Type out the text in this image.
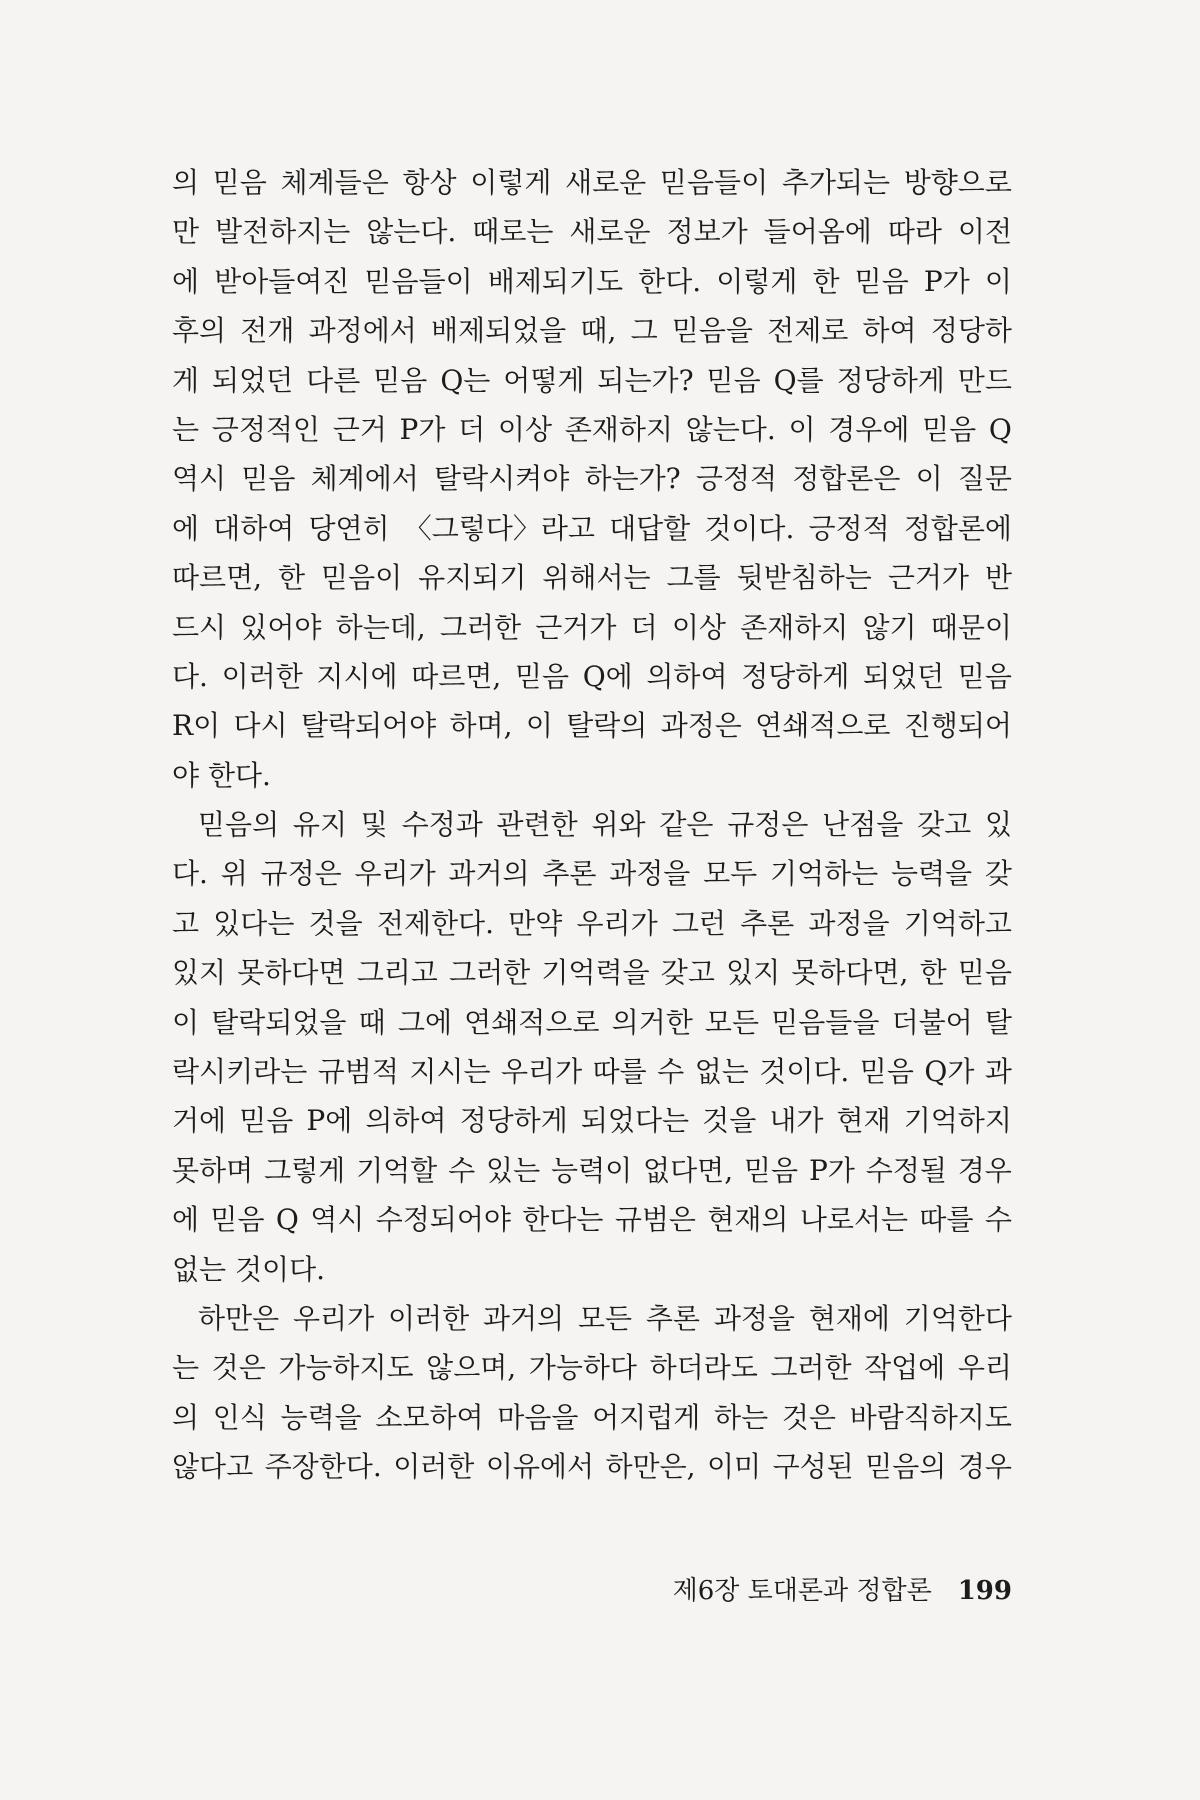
의 믿음 체계들은 항상 이렇게 새로운 믿음들이 추가되는 방향으로
만 발전하지는 않는다. 때로는 새로운 정보가 들어옴에 따라 이전
에 받아들여진 믿음들이 배제되기도 한다. 이렇게 한 믿음 P가 이
후의 전개 과정에서 배제되었을 때, 그 믿음을 전제로 하여 정당하
게 되었던 다른 믿음 Q는 어떻게 되는가? 믿음 Q를 정당하게 만드
는 긍정적인 근거 P가 더 이상 존재하지 않는다. 이 경우에 믿음 Q
역시 믿음 체계에서 탈락시켜야 하는가? 긍정적 정합론은 이 질문
에 대하여 당연히 〈그렇다〉라고 대답할 것이다. 긍정적 정합론에
따르면, 한 믿음이 유지되기 위해서는 그를 뒷받침하는 근거가 반
드시 있어야 하는데, 그러한 근거가 더 이상 존재하지 않기 때문이
다. 이러한 지시에 따르면, 믿음 Q에 의하여 정당하게 되었던 믿음
R이 다시 탈락되어야 하며, 이 탈락의 과정은 연쇄적으로 진행되어
야 한다.
믿음의 유지 및 수정과 관련한 위와 같은 규정은 난점을 갖고 있
다. 위 규정은 우리가 과거의 추론 과정을 모두 기억하는 능력을 갖
고 있다는 것을 전제한다. 만약 우리가 그런 추론 과정을 기억하고
있지 못하다면 그리고 그러한 기억력을 갖고 있지 못하다면, 한 믿음
이 탈락되었을 때 그에 연쇄적으로 의거한 모든 믿음들을 더불어 탈
락시키라는 규범적 지시는 우리가 따를 수 없는 것이다. 믿음 Q가 과
거에 믿음 P에 의하여 정당하게 되었다는 것을 내가 현재 기억하지
못하며 그렇게 기억할 수 있는 능력이 없다면, 믿음 P가 수정될 경우
에 믿음 Q 역시 수정되어야 한다는 규범은 현재의 나로서는 따를 수
없는 것이다.
하만은 우리가 이러한 과거의 모든 추론 과정을 현재에 기억한다
는 것은 가능하지도 않으며, 가능하다 하더라도 그러한 작업에 우리
의 인식 능력을 소모하여 마음을 어지럽게 하는 것은 바람직하지도
않다고 주장한다. 이러한 이유에서 하만은, 이미 구성된 믿음의 경우
제6장 토대론과 정합론 199
